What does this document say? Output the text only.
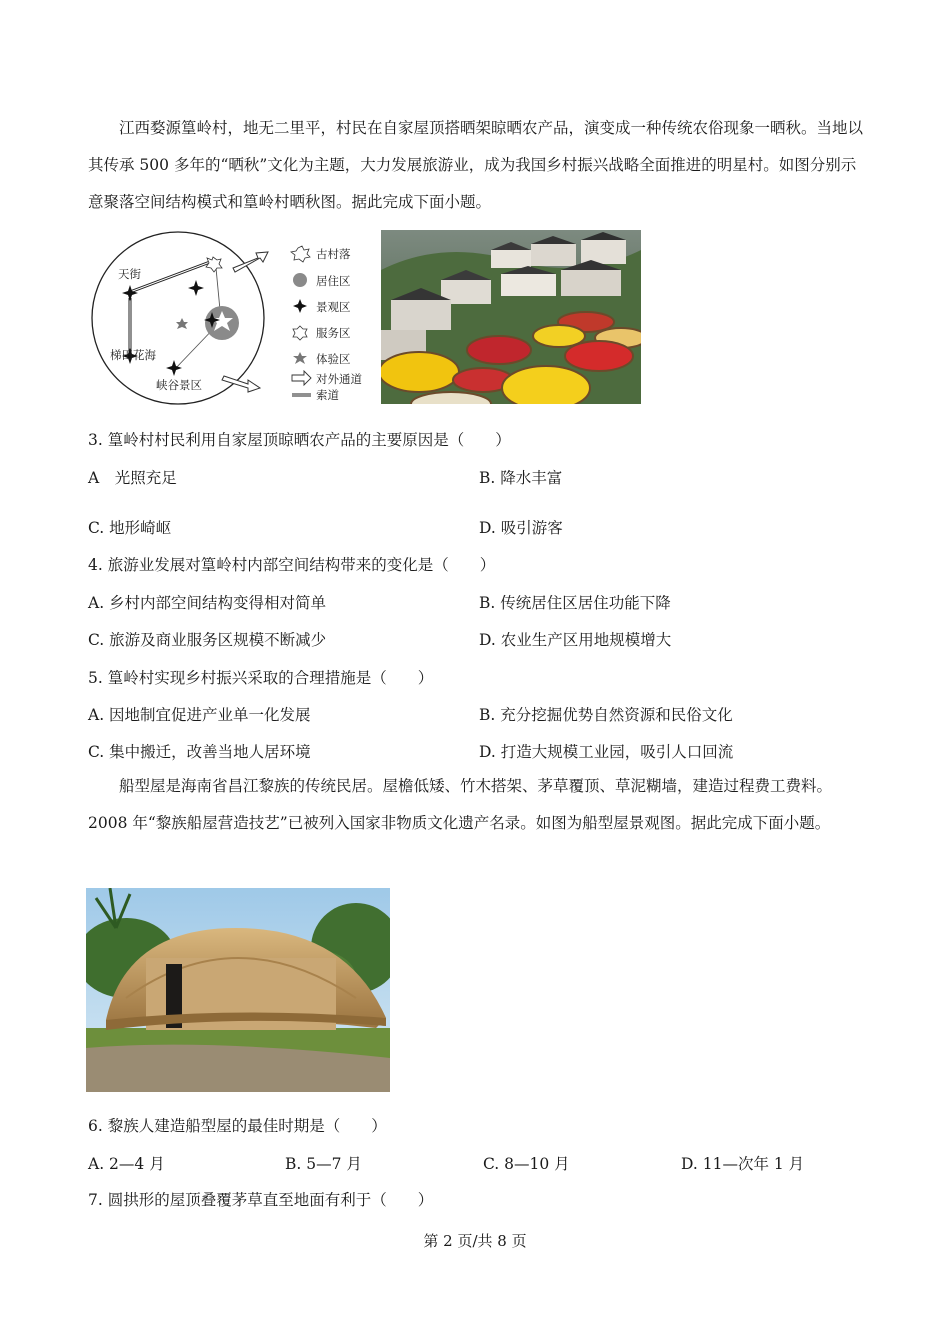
江西婺源篁岭村，地无二里平，村民在自家屋顶搭晒架晾晒农产品，演变成一种传统农俗现象一晒秋。当地以其传承 500 多年的“晒秋”文化为主题，大力发展旅游业，成为我国乡村振兴战略全面推进的明星村。如图分别示意聚落空间结构模式和篁岭村晒秋图。据此完成下面小题。
天街
梯田花海
峡谷景区
古村落
居住区
景观区
服务区
体验区
对外通道
索道
3. 篁岭村村民利用自家屋顶晾晒农产品的主要原因是（　　）
A　光照充足	B. 降水丰富
C. 地形崎岖	D. 吸引游客
4. 旅游业发展对篁岭村内部空间结构带来的变化是（　　）
A. 乡村内部空间结构变得相对简单	B. 传统居住区居住功能下降
C. 旅游及商业服务区规模不断减少	D. 农业生产区用地规模增大
5. 篁岭村实现乡村振兴采取的合理措施是（　　）
A. 因地制宜促进产业单一化发展	B. 充分挖掘优势自然资源和民俗文化
C. 集中搬迁，改善当地人居环境	D. 打造大规模工业园，吸引人口回流
船型屋是海南省昌江黎族的传统民居。屋檐低矮、竹木搭架、茅草覆顶、草泥糊墙，建造过程费工费料。2008 年“黎族船屋营造技艺”已被列入国家非物质文化遗产名录。如图为船型屋景观图。据此完成下面小题。
6. 黎族人建造船型屋的最佳时期是（　　）
A. 2—4 月	B. 5—7 月	C. 8—10 月	D. 11—次年 1 月
7. 圆拱形的屋顶叠覆茅草直至地面有利于（　　）
第 2 页/共 8 页
